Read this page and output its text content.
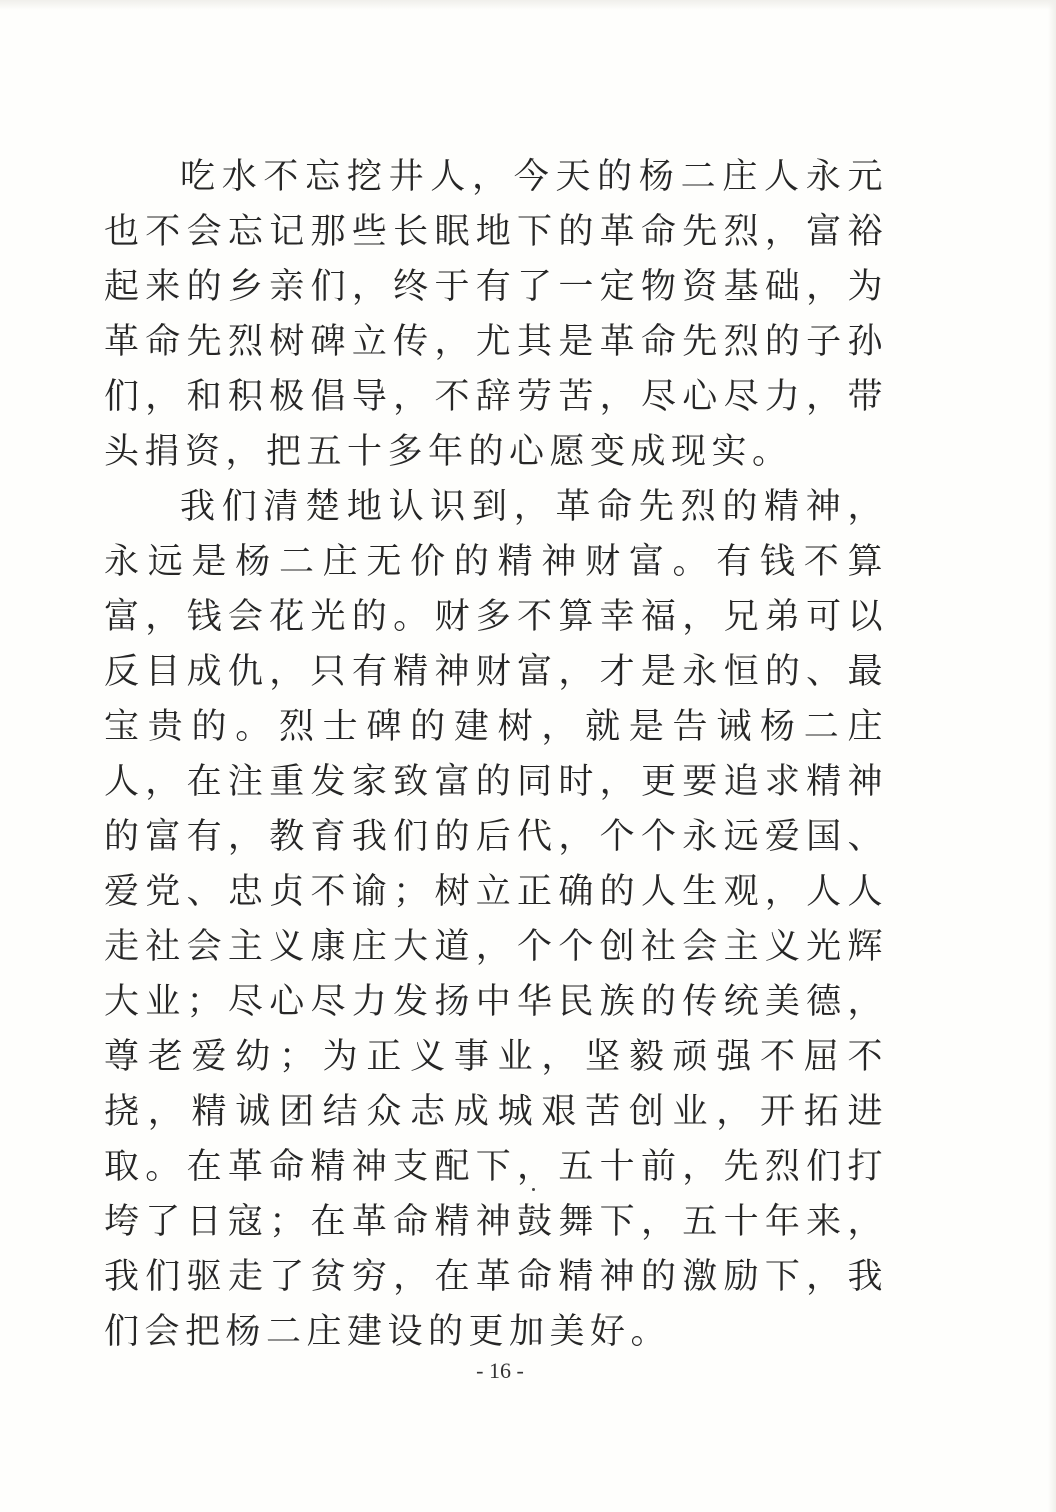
吃水不忘挖井人，今天的杨二庄人永元也不会忘记那些长眠地下的革命先烈，富裕起来的乡亲们，终于有了一定物资基础，为革命先烈树碑立传，尤其是革命先烈的子孙们，和积极倡导，不辞劳苦，尽心尽力，带头捐资，把五十多年的心愿变成现实。

我们清楚地认识到，革命先烈的精神，永远是杨二庄无价的精神财富。有钱不算富，钱会花光的。财多不算幸福，兄弟可以反目成仇，只有精神财富，才是永恒的、最宝贵的。烈士碑的建树，就是告诫杨二庄人，在注重发家致富的同时，更要追求精神的富有，教育我们的后代，个个永远爱国、爱党、忠贞不谕；树立正确的人生观，人人走社会主义康庄大道，个个创社会主义光辉大业；尽心尽力发扬中华民族的传统美德，尊老爱幼；为正义事业，坚毅顽强不屈不挠，精诚团结众志成城艰苦创业，开拓进取。在革命精神支配下，五十前，先烈们打垮了日寇；在革命精神鼓舞下，五十年来，我们驱走了贫穷，在革命精神的激励下，我们会把杨二庄建设的更加美好。

- 16 -
